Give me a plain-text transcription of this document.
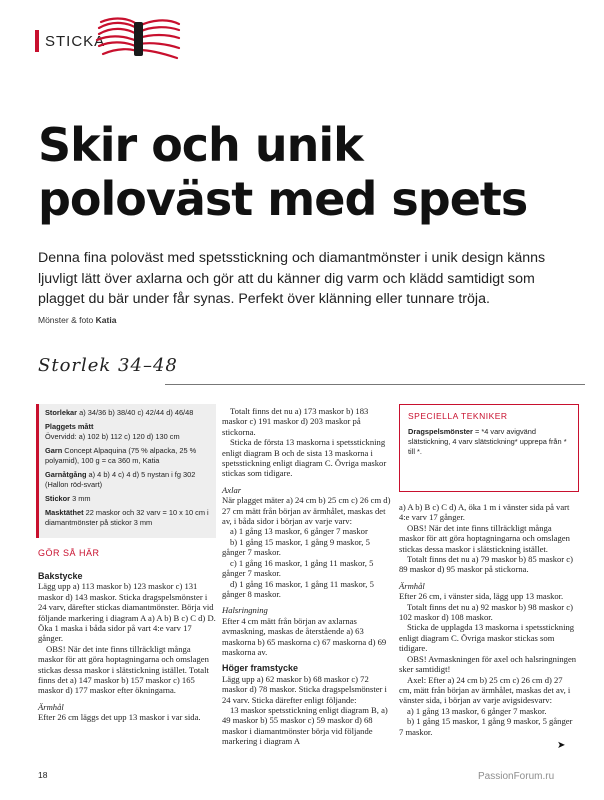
STICKA
Skir och unik poloväst med spets
Denna fina poloväst med spetsstickning och diamantmönster i unik design känns ljuvligt lätt över axlarna och gör att du känner dig varm och klädd samtidigt som plagget du bär under får synas. Perfekt över klänning eller tunnare tröja.
Mönster & foto Katia
Storlek 34–48

Storlekar a) 34/36 b) 38/40 c) 42/44 d) 46/48

Plaggets mått
Övervidd: a) 102 b) 112 c) 120 d) 130 cm

Garn Concept Alpaquina (75 % alpacka, 25 % polyamid), 100 g = ca 360 m, Katia

Garnåtgång a) 4 b) 4 c) 4 d) 5 nystan i fg 302 (Hallon röd-svart)

Stickor 3 mm

Masktäthet 22 maskor och 32 varv = 10 x 10 cm i diamantmönster på stickor 3 mm

GÖR SÅ HÄR

Bakstycke

Lägg upp a) 113 maskor b) 123 maskor c) 131 maskor d) 143 maskor. Sticka dragspelsmönster i 24 varv, därefter stickas diamantmönster. Börja vid följande markering i diagram A a) A b) B c) C d) D. Öka 1 maska i båda sidor på vart 4:e varv 17 gånger.

OBS! När det inte finns tillräckligt många maskor för att göra hoptagningarna och omslagen stickas dessa maskor i slätstickning istället. Totalt finns det a) 147 maskor b) 157 maskor c) 165 maskor d) 177 maskor efter ökningarna.

Ärmhål

Efter 26 cm läggs det upp 13 maskor i var sida.

Totalt finns det nu a) 173 maskor b) 183 maskor c) 191 maskor d) 203 maskor på stickorna.

Sticka de första 13 maskorna i spetsstickning enligt diagram B och de sista 13 maskorna i spetsstickning enligt diagram C. Övriga maskor stickas som tidigare.

Axlar

När plagget mäter a) 24 cm b) 25 cm c) 26 cm d) 27 cm mätt från början av ärmhålet, maskas det av, i båda sidor i början av varje varv:

a) 1 gång 13 maskor, 6 gånger 7 maskor

b) 1 gång 15 maskor, 1 gång 9 maskor, 5 gånger 7 maskor.

c) 1 gång 16 maskor, 1 gång 11 maskor, 5 gånger 7 maskor.

d) 1 gång 16 maskor, 1 gång 11 maskor, 5 gånger 8 maskor.

Halsringning

Efter 4 cm mätt från början av axlarnas avmaskning, maskas de återstående a) 63 maskorna b) 65 maskorna c) 67 maskorna d) 69 maskorna av.

Höger framstycke

Lägg upp a) 62 maskor b) 68 maskor c) 72 maskor d) 78 maskor. Sticka dragspelsmönster i 24 varv. Sticka därefter enligt följande:

13 maskor spetsstickning enligt diagram B, a) 49 maskor b) 55 maskor c) 59 maskor d) 68 maskor i diamantmönster börja vid följande markering i diagram A

SPECIELLA TEKNIKER
Dragspelsmönster = *4 varv avigvänd slätstickning, 4 varv slätstickning* upprepa från * till *.

a) A b) B c) C d) A, öka 1 m i vänster sida på vart 4:e varv 17 gånger.

OBS! När det inte finns tillräckligt många maskor för att göra hoptagningarna och omslagen stickas dessa maskor i slätstickning istället.

Totalt finns det nu a) 79 maskor b) 85 maskor c) 89 maskor d) 95 maskor på stickorna.

Ärmhål

Efter 26 cm, i vänster sida, lägg upp 13 maskor.

Totalt finns det nu a) 92 maskor b) 98 maskor c) 102 maskor d) 108 maskor.

Sticka de upplagda 13 maskorna i spetsstickning enligt diagram C. Övriga maskor stickas som tidigare.

OBS! Avmaskningen för axel och halsringningen sker samtidigt!

Axel: Efter a) 24 cm b) 25 cm c) 26 cm d) 27 cm, mätt från början av ärmhålet, maskas det av, i vänster sida, i början av varje avigsidesvarv:

a) 1 gång 13 maskor, 6 gånger 7 maskor.

b) 1 gång 15 maskor, 1 gång 9 maskor, 5 gånger 7 maskor.

➤
18	PassionForum.ru
